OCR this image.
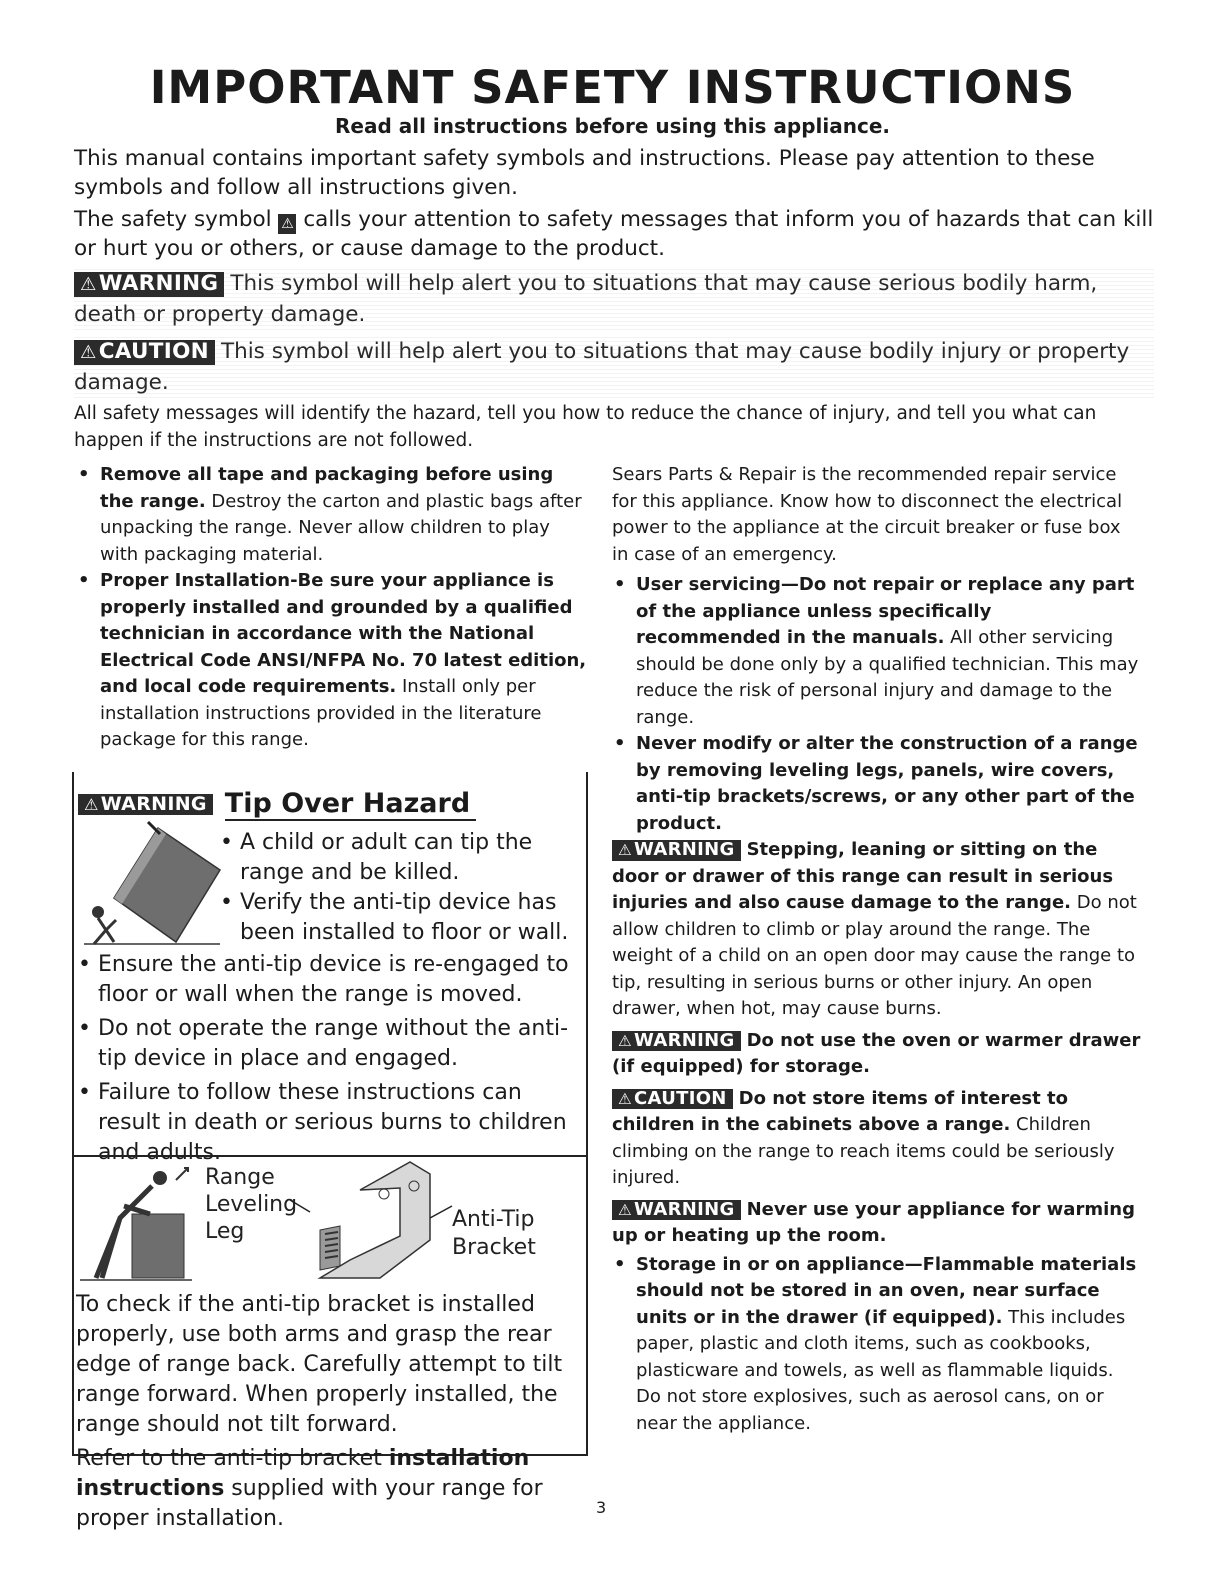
IMPORTANT SAFETY INSTRUCTIONS
Read all instructions before using this appliance.
This manual contains important safety symbols and instructions. Please pay attention to these symbols and follow all instructions given.
The safety symbol ⚠ calls your attention to safety messages that inform you of hazards that can kill or hurt you or others, or cause damage to the product.
⚠WARNING This symbol will help alert you to situations that may cause serious bodily harm, death or property damage.
⚠CAUTION This symbol will help alert you to situations that may cause bodily injury or property damage.
All safety messages will identify the hazard, tell you how to reduce the chance of injury, and tell you what can happen if the instructions are not followed.

• Remove all tape and packaging before using the range. Destroy the carton and plastic bags after unpacking the range. Never allow children to play with packaging material.

• Proper Installation-Be sure your appliance is properly installed and grounded by a qualified technician in accordance with the National Electrical Code ANSI/NFPA No. 70 latest edition, and local code requirements. Install only per installation instructions provided in the literature package for this range.

⚠ WARNING Tip Over Hazard

• A child or adult can tip the range and be killed.

• Verify the anti-tip device has been installed to floor or wall.

• Ensure the anti-tip device is re-engaged to floor or wall when the range is moved.

• Do not operate the range without the anti-tip device in place and engaged.

• Failure to follow these instructions can result in death or serious burns to children and adults.

Range
Leveling
Leg	Anti-Tip
Bracket

To check if the anti-tip bracket is installed properly, use both arms and grasp the rear edge of range back. Carefully attempt to tilt range forward. When properly installed, the range should not tilt forward.

Refer to the anti-tip bracket installation instructions supplied with your range for proper installation.

Sears Parts & Repair is the recommended repair service for this appliance. Know how to disconnect the electrical power to the appliance at the circuit breaker or fuse box in case of an emergency.

• User servicing—Do not repair or replace any part of the appliance unless specifically recommended in the manuals. All other servicing should be done only by a qualified technician. This may reduce the risk of personal injury and damage to the range.

• Never modify or alter the construction of a range by removing leveling legs, panels, wire covers, anti-tip brackets/screws, or any other part of the product.

⚠ WARNING Stepping, leaning or sitting on the door or drawer of this range can result in serious injuries and also cause damage to the range. Do not allow children to climb or play around the range. The weight of a child on an open door may cause the range to tip, resulting in serious burns or other injury. An open drawer, when hot, may cause burns.

⚠ WARNING Do not use the oven or warmer drawer (if equipped) for storage.

⚠ CAUTION Do not store items of interest to children in the cabinets above a range. Children climbing on the range to reach items could be seriously injured.

⚠ WARNING Never use your appliance for warming up or heating up the room.

• Storage in or on appliance—Flammable materials should not be stored in an oven, near surface units or in the drawer (if equipped). This includes paper, plastic and cloth items, such as cookbooks, plasticware and towels, as well as flammable liquids. Do not store explosives, such as aerosol cans, on or near the appliance.

3
